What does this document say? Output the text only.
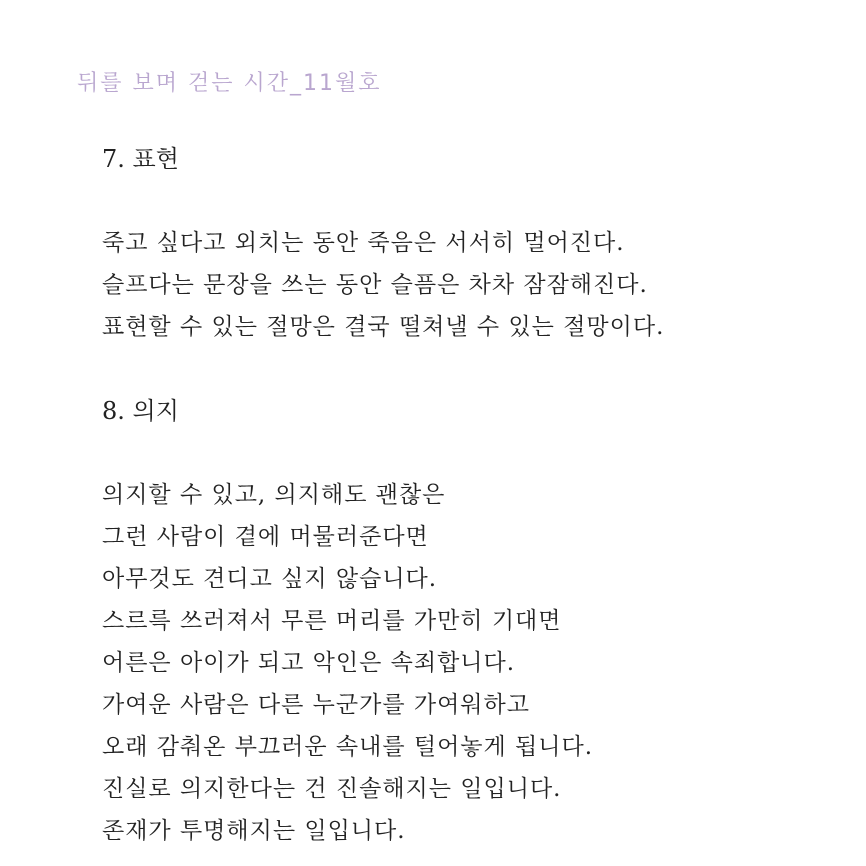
뒤를 보며 걷는 시간_11월호

7. 표현

죽고 싶다고 외치는 동안 죽음은 서서히 멀어진다.

슬프다는 문장을 쓰는 동안 슬픔은 차차 잠잠해진다.

표현할 수 있는 절망은 결국 떨쳐낼 수 있는 절망이다.

8. 의지

의지할 수 있고, 의지해도 괜찮은

그런 사람이 곁에 머물러준다면

아무것도 견디고 싶지 않습니다.

스르륵 쓰러져서 무른 머리를 가만히 기대면

어른은 아이가 되고 악인은 속죄합니다.

가여운 사람은 다른 누군가를 가여워하고

오래 감춰온 부끄러운 속내를 털어놓게 됩니다.

진실로 의지한다는 건 진솔해지는 일입니다.

존재가 투명해지는 일입니다.
